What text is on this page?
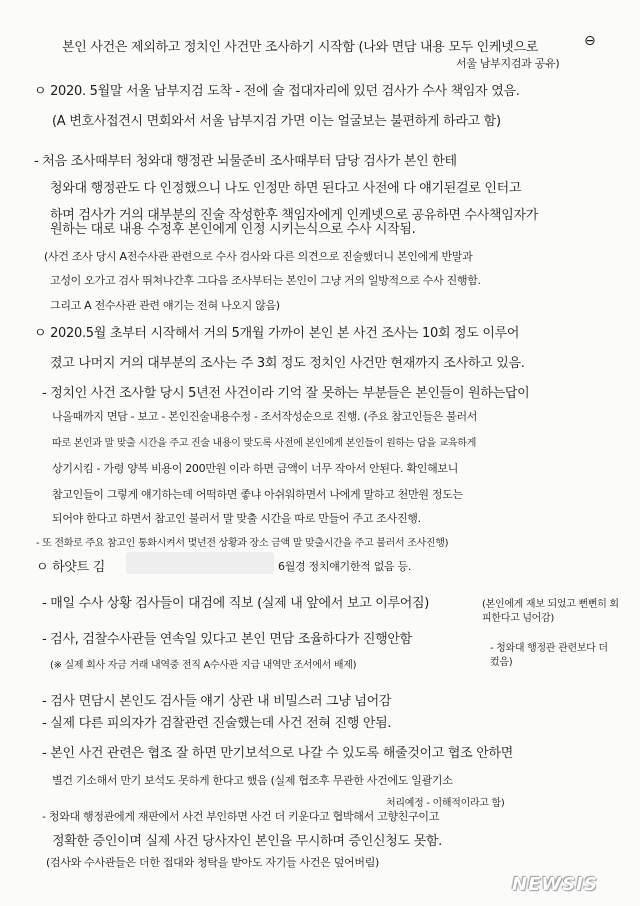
본인 사건은 제외하고 정치인 사건만 조사하기 시작함 (나와 면담 내용 모두 인케넷으로	⊖
서울 남부지검과 공유)
ㅇ 2020. 5월말 서울 남부지검 도착 - 전에 술 접대자리에 있던 검사가 수사 책임자 였음.
(A 변호사접견시 면회와서 서울 남부지검 가면 이는 얼굴보는 불편하게 하라고 함)
- 처음 조사때부터 청와대 행정관 뇌물준비 조사때부터 담당 검사가 본인 한테
청와대 행정관도 다 인정했으니 나도 인정만 하면 된다고 사전에 다 얘기된걸로 인터고
하며 검사가 거의 대부분의 진술 작성한후 책임자에게 인케넷으로 공유하면 수사책임자가
원하는 대로 내용 수정후 본인에게 인정 시키는식으로 수사 시작됨.
(사건 조사 당시 A전수사관 관련으로 수사 검사와 다른 의견으로 진술했더니 본인에게 반말과
고성이 오가고 검사 뛰쳐나간후 그다음 조사부터는 본인이 그냥 거의 일방적으로 수사 진행함.
그리고 A 전수사관 관련 얘기는 전혀 나오지 않음)
ㅇ 2020.5월 초부터 시작해서 거의 5개월 가까이 본인 본 사건 조사는 10회 정도 이루어
졌고 나머지 거의 대부분의 조사는 주 3회 정도 정치인 사건만 현재까지 조사하고 있음.
- 정치인 사건 조사할 당시 5년전 사건이라 기억 잘 못하는 부분들은 본인들이 원하는답이
나올때까지 면담 - 보고 - 본인진술내용수정 - 조서작성순으로 진행. (주요 참고인들은 불러서
따로 본인과 말 맞출 시간을 주고 진술 내용이 맞도록 사전에 본인에게 본인들이 원하는 답을 교육하게
상기시킴 - 가령 양복 비용이 200만원 이라 하면 금액이 너무 작아서 안된다. 확인해보니
참고인들이 그렇게 얘기하는데 어떡하면 좋냐 아쉬워하면서 나에게 말하고 천만원 정도는
되어야 한다고 하면서 참고인 불러서 말 맞출 시간을 따로 만들어 주고 조사진행.
- 또 전화로 주요 참고인 통화시켜서 몇년전 상황과 장소 금액 말 맞출시간을 주고 불러서 조사진행)
ㅇ 하얏트 김	6월경 정치얘기한적 없음 등.
- 매일 수사 상황 검사들이 대검에 직보 (실제 내 앞에서 보고 이루어짐)
- 검사, 검찰수사관들 연속일 있다고 본인 면담 조율하다가 진행안함
(본인에게 재보 되었고 뻔뻔히 회피한다고 넘어감)
(※ 실제 회사 자금 거래 내역중 전직 A수사관 지급 내역만 조서에서 배제)
- 청와대 행정관 관련보다 더 컸음)
- 검사 면담시 본인도 검사들 얘기 상관 내 비밀스러 그냥 넘어감
- 실제 다른 피의자가 검찰관련 진술했는데 사건 전혀 진행 안됨.
- 본인 사건 관련은 협조 잘 하면 만기보석으로 나갈 수 있도록 해줄것이고 협조 안하면
별건 기소해서 만기 보석도 못하게 한다고 했음 (실제 협조후 무관한 사건에도 일괄기소
처리예정 - 이해적이라고 함)
- 청와대 행정관에게 재판에서 사건 부인하면 사건 더 키운다고 협박해서 고향친구이고
정확한 증인이며 실제 사건 당사자인 본인을 무시하며 증인신청도 못함.
(검사와 수사관들은 더한 접대와 청탁을 받아도 자기들 사건은 덮어버림)
NEWSIS
